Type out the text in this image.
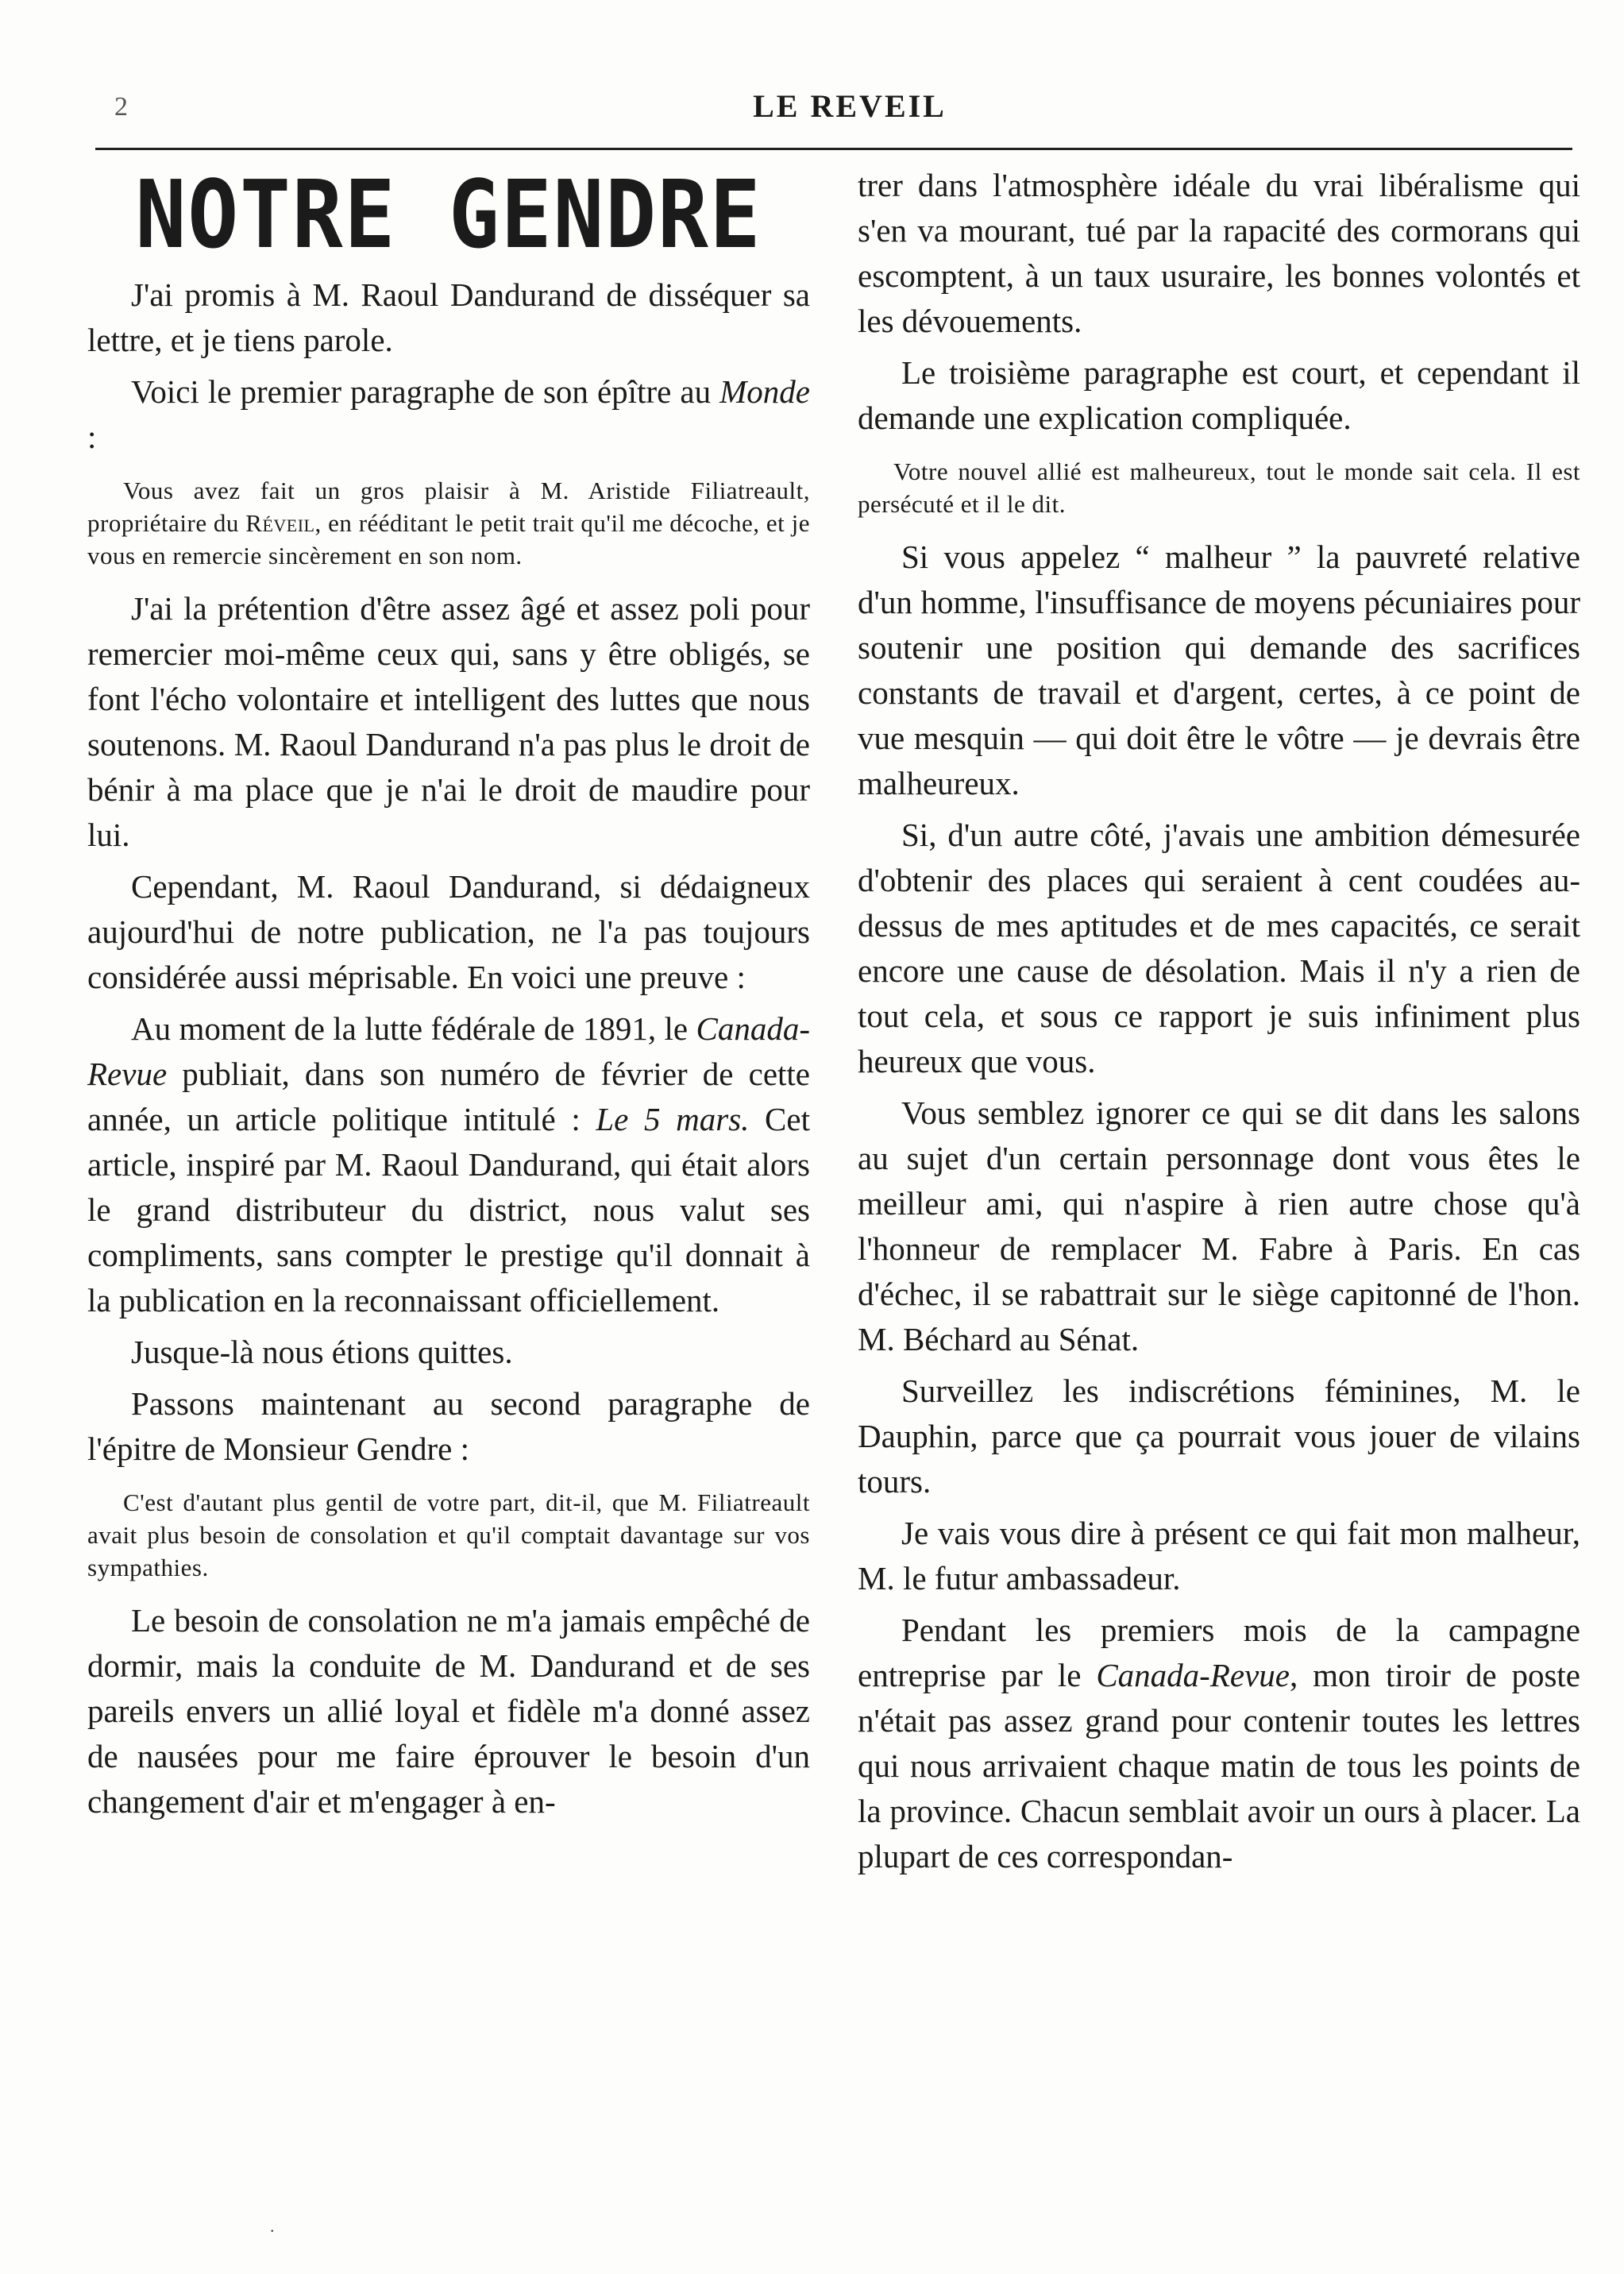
2	LE REVEIL
NOTRE GENDRE

J'ai promis à M. Raoul Dandurand de disséquer sa lettre, et je tiens parole.

Voici le premier paragraphe de son épître au Monde :

Vous avez fait un gros plaisir à M. Aristide Filiatreault, propriétaire du Réveil, en rééditant le petit trait qu'il me décoche, et je vous en remercie sincèrement en son nom.

J'ai la prétention d'être assez âgé et assez poli pour remercier moi-même ceux qui, sans y être obligés, se font l'écho volontaire et intelligent des luttes que nous soutenons. M. Raoul Dandurand n'a pas plus le droit de bénir à ma place que je n'ai le droit de maudire pour lui.

Cependant, M. Raoul Dandurand, si dédaigneux aujourd'hui de notre publication, ne l'a pas toujours considérée aussi méprisable. En voici une preuve :

Au moment de la lutte fédérale de 1891, le Canada-Revue publiait, dans son numéro de février de cette année, un article politique intitulé : Le 5 mars. Cet article, inspiré par M. Raoul Dandurand, qui était alors le grand distributeur du district, nous valut ses compliments, sans compter le prestige qu'il donnait à la publication en la reconnaissant officiellement.

Jusque-là nous étions quittes.

Passons maintenant au second paragraphe de l'épitre de Monsieur Gendre :

C'est d'autant plus gentil de votre part, dit-il, que M. Filiatreault avait plus besoin de consolation et qu'il comptait davantage sur vos sympathies.

Le besoin de consolation ne m'a jamais empêché de dormir, mais la conduite de M. Dandurand et de ses pareils envers un allié loyal et fidèle m'a donné assez de nausées pour me faire éprouver le besoin d'un changement d'air et m'engager à en-

trer dans l'atmosphère idéale du vrai libéralisme qui s'en va mourant, tué par la rapacité des cormorans qui escomptent, à un taux usuraire, les bonnes volontés et les dévouements.

Le troisième paragraphe est court, et cependant il demande une explication compliquée.

Votre nouvel allié est malheureux, tout le monde sait cela. Il est persécuté et il le dit.

Si vous appelez “ malheur ” la pauvreté relative d'un homme, l'insuffisance de moyens pécuniaires pour soutenir une position qui demande des sacrifices constants de travail et d'argent, certes, à ce point de vue mesquin — qui doit être le vôtre — je devrais être malheureux.

Si, d'un autre côté, j'avais une ambition démesurée d'obtenir des places qui seraient à cent coudées au-dessus de mes aptitudes et de mes capacités, ce serait encore une cause de désolation. Mais il n'y a rien de tout cela, et sous ce rapport je suis infiniment plus heureux que vous.

Vous semblez ignorer ce qui se dit dans les salons au sujet d'un certain personnage dont vous êtes le meilleur ami, qui n'aspire à rien autre chose qu'à l'honneur de remplacer M. Fabre à Paris. En cas d'échec, il se rabattrait sur le siège capitonné de l'hon. M. Béchard au Sénat.

Surveillez les indiscrétions féminines, M. le Dauphin, parce que ça pourrait vous jouer de vilains tours.

Je vais vous dire à présent ce qui fait mon malheur, M. le futur ambassadeur.

Pendant les premiers mois de la campagne entreprise par le Canada-Revue, mon tiroir de poste n'était pas assez grand pour contenir toutes les lettres qui nous arrivaient chaque matin de tous les points de la province. Chacun semblait avoir un ours à placer. La plupart de ces correspondan-

.
